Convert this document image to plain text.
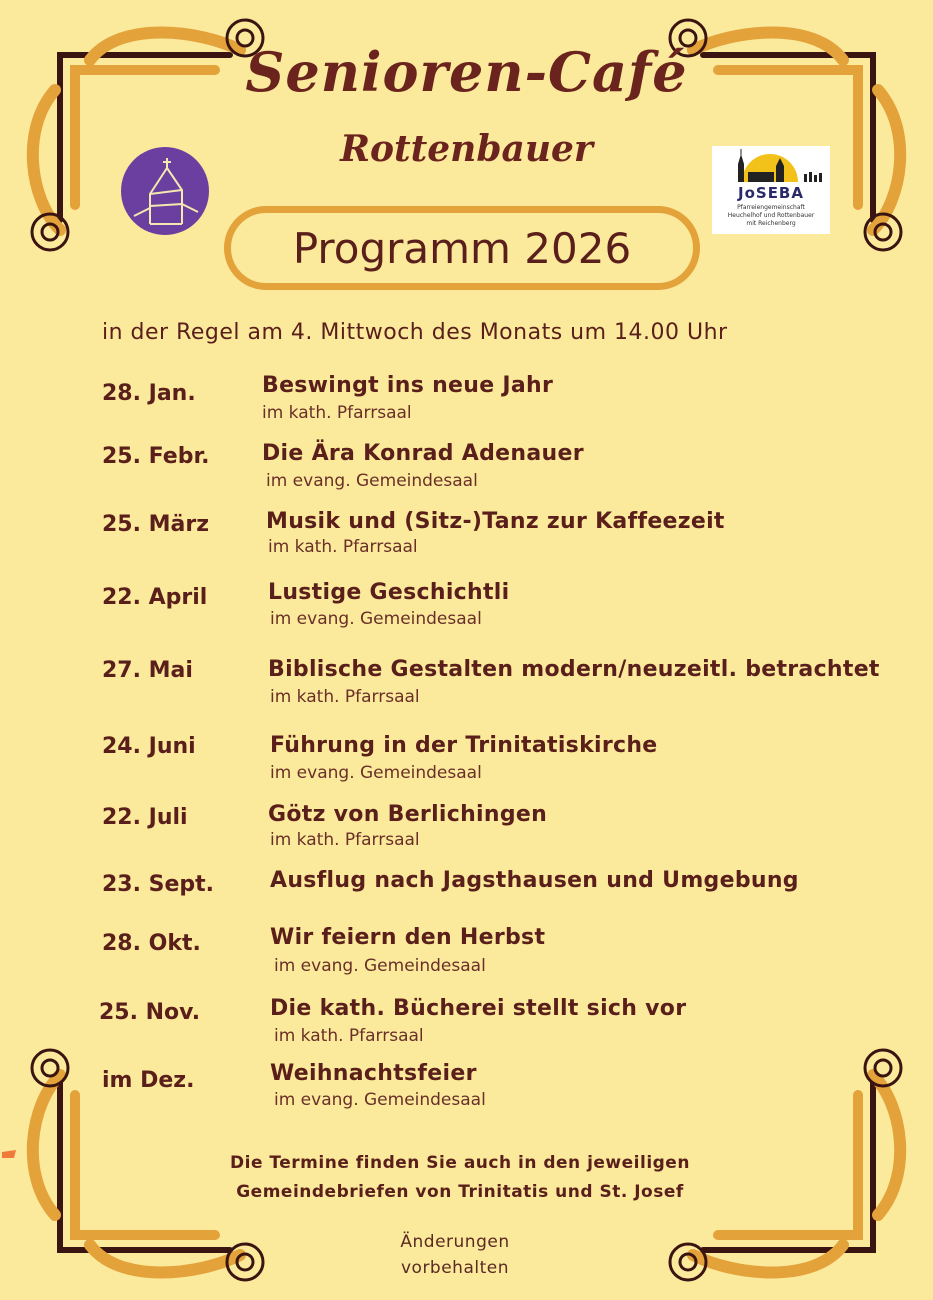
Senioren-Café
Rottenbauer
JoSEBA
Pfarreiengemeinschaft
Heuchelhof und Rottenbauer
mit Reichenberg
Programm 2026
in der Regel am 4. Mittwoch des Monats um 14.00 Uhr
28. Jan.	Beswingt ins neue Jahr
im kath. Pfarrsaal
25. Febr. Die Ära Konrad Adenauer
im evang. Gemeindesaal
25. März	Musik und (Sitz-)Tanz zur Kaffeezeit
im kath. Pfarrsaal
22. April	Lustige Geschichtli
im evang. Gemeindesaal
27. Mai	Biblische Gestalten modern/neuzeitl. betrachtet
im kath. Pfarrsaal
24. Juni	Führung in der Trinitatiskirche
im evang. Gemeindesaal
22. Juli	Götz von Berlichingen
im kath. Pfarrsaal
23. Sept.	Ausflug nach Jagsthausen und Umgebung
28. Okt.	Wir feiern den Herbst
im evang. Gemeindesaal
25. Nov.	Die kath. Bücherei stellt sich vor
im kath. Pfarrsaal
im Dez.	Weihnachtsfeier
im evang. Gemeindesaal
Die Termine finden Sie auch in den jeweiligen
Gemeindebriefen von Trinitatis und St. Josef
Änderungen
vorbehalten
